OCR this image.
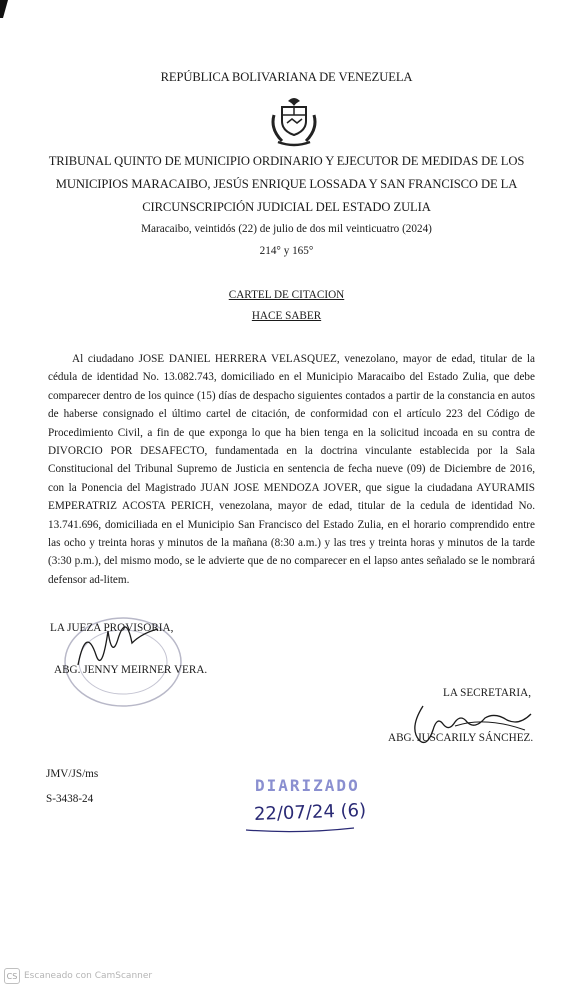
REPÚBLICA BOLIVARIANA DE VENEZUELA
TRIBUNAL QUINTO DE MUNICIPIO ORDINARIO Y EJECUTOR DE MEDIDAS DE LOS
MUNICIPIOS MARACAIBO, JESÚS ENRIQUE LOSSADA Y SAN FRANCISCO DE LA
CIRCUNSCRIPCIÓN JUDICIAL DEL ESTADO ZULIA
Maracaibo, veintidós (22) de julio de dos mil veinticuatro (2024)
214° y 165°
CARTEL DE CITACION
HACE SABER
Al ciudadano JOSE DANIEL HERRERA VELASQUEZ, venezolano, mayor de edad, titular de la cédula de identidad No. 13.082.743, domiciliado en el Municipio Maracaibo del Estado Zulia, que debe comparecer dentro de los quince (15) días de despacho siguientes contados a partir de la constancia en autos de haberse consignado el último cartel de citación, de conformidad con el artículo 223 del Código de Procedimiento Civil, a fin de que exponga lo que ha bien tenga en la solicitud incoada en su contra de DIVORCIO POR DESAFECTO, fundamentada en la doctrina vinculante establecida por la Sala Constitucional del Tribunal Supremo de Justicia en sentencia de fecha nueve (09) de Diciembre de 2016, con la Ponencia del Magistrado JUAN JOSE MENDOZA JOVER, que sigue la ciudadana AYURAMIS EMPERATRIZ ACOSTA PERICH, venezolana, mayor de edad, titular de la cedula de identidad No. 13.741.696, domiciliada en el Municipio San Francisco del Estado Zulia, en el horario comprendido entre las ocho y treinta horas y minutos de la mañana (8:30 a.m.) y las tres y treinta horas y minutos de la tarde (3:30 p.m.), del mismo modo, se le advierte que de no comparecer en el lapso antes señalado se le nombrará defensor ad-litem.
LA JUEZA PROVISORIA,
ABG. JENNY MEIRNER VERA.
LA SECRETARIA,
ABG. JUSCARILY SÁNCHEZ.
JMV/JS/ms
S-3438-24
DIARIZADO
22/07/24 (6)
CS Escaneado con CamScanner
